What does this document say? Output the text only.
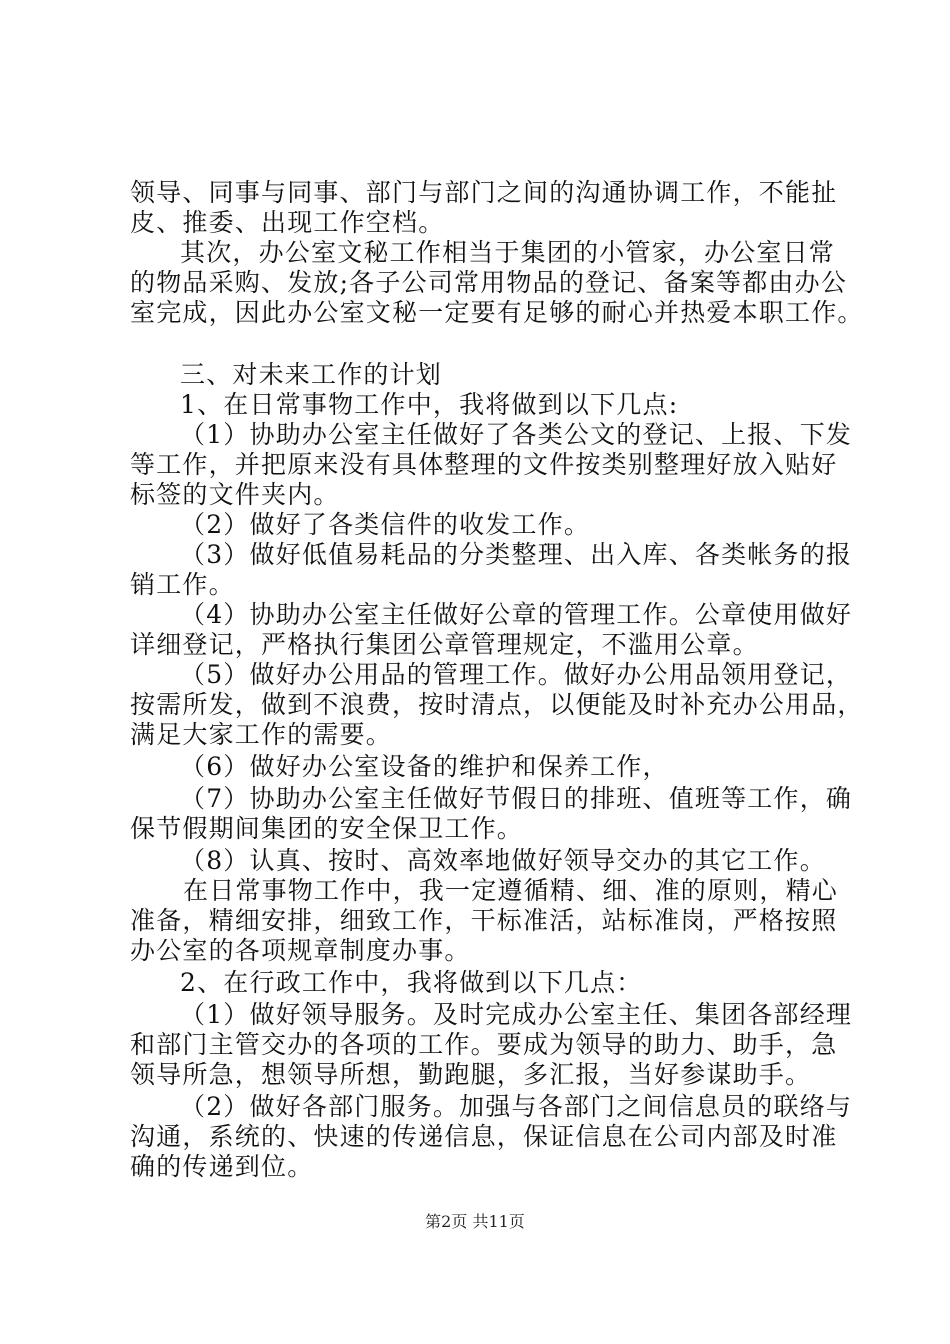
领导、同事与同事、部门与部门之间的沟通协调工作，不能扯
皮、推委、出现工作空档。
其次，办公室文秘工作相当于集团的小管家，办公室日常
的物品采购、发放;各子公司常用物品的登记、备案等都由办公
室完成，因此办公室文秘一定要有足够的耐心并热爱本职工作。
三、对未来工作的计划
1、在日常事物工作中，我将做到以下几点:
（1）协助办公室主任做好了各类公文的登记、上报、下发
等工作，并把原来没有具体整理的文件按类别整理好放入贴好
标签的文件夹内。
（2）做好了各类信件的收发工作。
（3）做好低值易耗品的分类整理、出入库、各类帐务的报
销工作。
（4）协助办公室主任做好公章的管理工作。公章使用做好
详细登记，严格执行集团公章管理规定，不滥用公章。
（5）做好办公用品的管理工作。做好办公用品领用登记，
按需所发，做到不浪费，按时清点，以便能及时补充办公用品，
满足大家工作的需要。
（6）做好办公室设备的维护和保养工作，
（7）协助办公室主任做好节假日的排班、值班等工作，确
保节假期间集团的安全保卫工作。
（8）认真、按时、高效率地做好领导交办的其它工作。
在日常事物工作中，我一定遵循精、细、准的原则，精心
准备，精细安排，细致工作，干标准活，站标准岗，严格按照
办公室的各项规章制度办事。
2、在行政工作中，我将做到以下几点：
（1）做好领导服务。及时完成办公室主任、集团各部经理
和部门主管交办的各项的工作。要成为领导的助力、助手，急
领导所急，想领导所想，勤跑腿，多汇报，当好参谋助手。
（2）做好各部门服务。加强与各部门之间信息员的联络与
沟通，系统的、快速的传递信息，保证信息在公司内部及时准
确的传递到位。
第2页 共11页
